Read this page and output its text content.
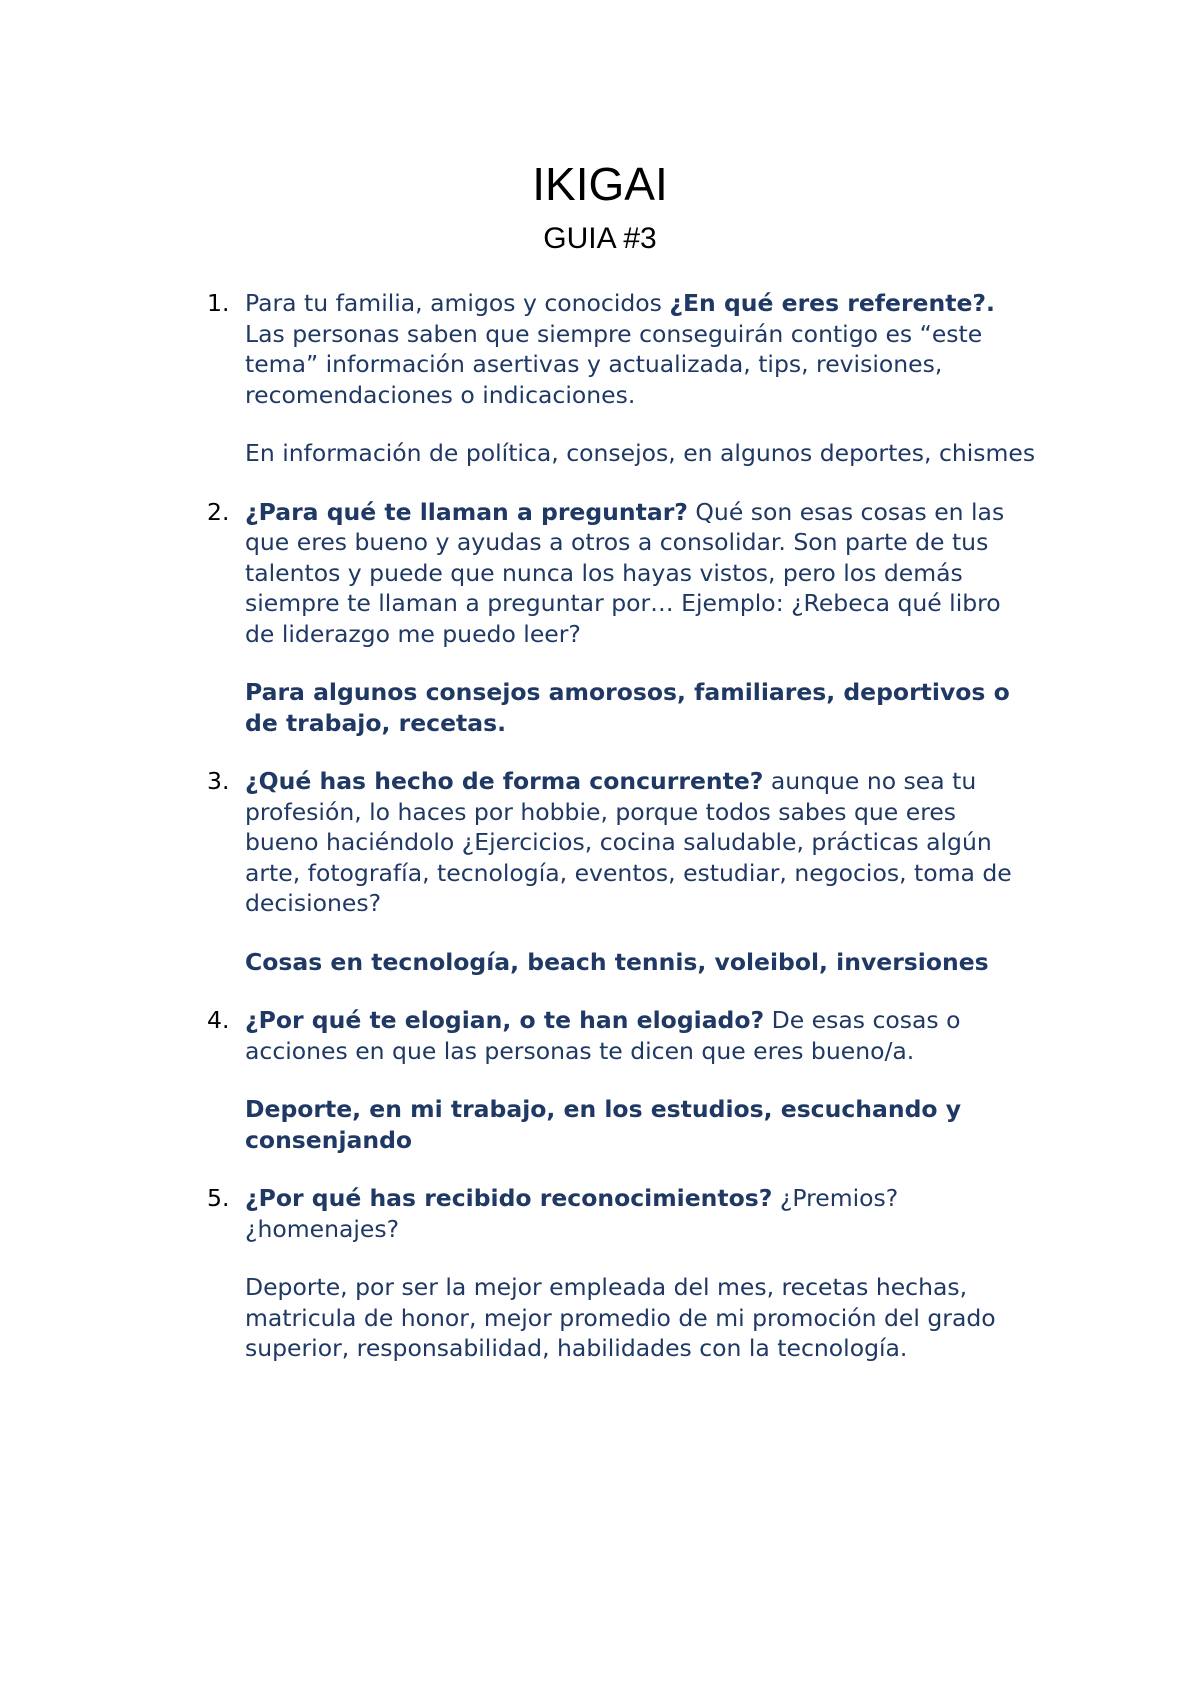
IKIGAI
GUIA #3
1. Para tu familia, amigos y conocidos ¿En qué eres referente?. Las personas saben que siempre conseguirán contigo es “este tema” información asertivas y actualizada, tips, revisiones, recomendaciones o indicaciones.
En información de política, consejos, en algunos deportes, chismes
2. ¿Para qué te llaman a preguntar? Qué son esas cosas en las que eres bueno y ayudas a otros a consolidar. Son parte de tus talentos y puede que nunca los hayas vistos, pero los demás siempre te llaman a preguntar por… Ejemplo: ¿Rebeca qué libro de liderazgo me puedo leer?
Para algunos consejos amorosos, familiares, deportivos o de trabajo, recetas.
3. ¿Qué has hecho de forma concurrente? aunque no sea tu profesión, lo haces por hobbie, porque todos sabes que eres bueno haciéndolo ¿Ejercicios, cocina saludable, prácticas algún arte, fotografía, tecnología, eventos, estudiar, negocios, toma de decisiones?
Cosas en tecnología, beach tennis, voleibol, inversiones
4. ¿Por qué te elogian, o te han elogiado? De esas cosas o acciones en que las personas te dicen que eres bueno/a.
Deporte, en mi trabajo, en los estudios, escuchando y consenjando
5. ¿Por qué has recibido reconocimientos? ¿Premios? ¿homenajes?
Deporte, por ser la mejor empleada del mes, recetas hechas, matricula de honor, mejor promedio de mi promoción del grado superior, responsabilidad, habilidades con la tecnología.
